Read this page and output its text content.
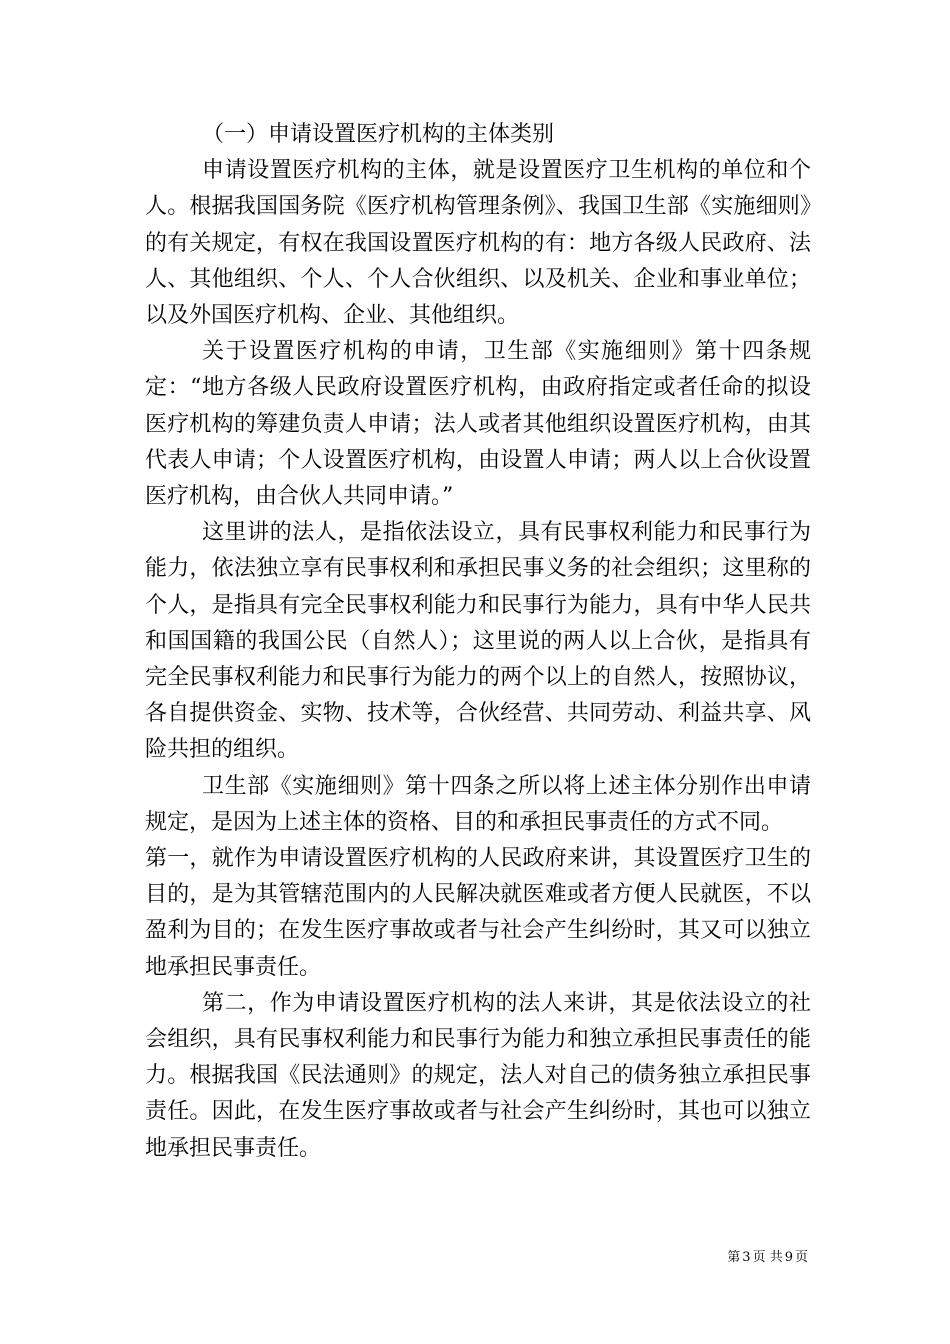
（一）申请设置医疗机构的主体类别

申请设置医疗机构的主体，就是设置医疗卫生机构的单位和个人。根据我国国务院《医疗机构管理条例》、我国卫生部《实施细则》的有关规定，有权在我国设置医疗机构的有：地方各级人民政府、法人、其他组织、个人、个人合伙组织、以及机关、企业和事业单位；以及外国医疗机构、企业、其他组织。

关于设置医疗机构的申请，卫生部《实施细则》第十四条规定：“地方各级人民政府设置医疗机构，由政府指定或者任命的拟设医疗机构的筹建负责人申请；法人或者其他组织设置医疗机构，由其代表人申请；个人设置医疗机构，由设置人申请；两人以上合伙设置医疗机构，由合伙人共同申请。”

这里讲的法人，是指依法设立，具有民事权利能力和民事行为能力，依法独立享有民事权利和承担民事义务的社会组织；这里称的个人，是指具有完全民事权利能力和民事行为能力，具有中华人民共和国国籍的我国公民（自然人）；这里说的两人以上合伙，是指具有完全民事权利能力和民事行为能力的两个以上的自然人，按照协议，各自提供资金、实物、技术等，合伙经营、共同劳动、利益共享、风险共担的组织。

卫生部《实施细则》第十四条之所以将上述主体分别作出申请规定，是因为上述主体的资格、目的和承担民事责任的方式不同。

第一，就作为申请设置医疗机构的人民政府来讲，其设置医疗卫生的目的，是为其管辖范围内的人民解决就医难或者方便人民就医，不以盈利为目的；在发生医疗事故或者与社会产生纠纷时，其又可以独立地承担民事责任。

第二，作为申请设置医疗机构的法人来讲，其是依法设立的社会组织，具有民事权利能力和民事行为能力和独立承担民事责任的能力。根据我国《民法通则》的规定，法人对自己的债务独立承担民事责任。因此，在发生医疗事故或者与社会产生纠纷时，其也可以独立地承担民事责任。

第 3 页 共 9 页
